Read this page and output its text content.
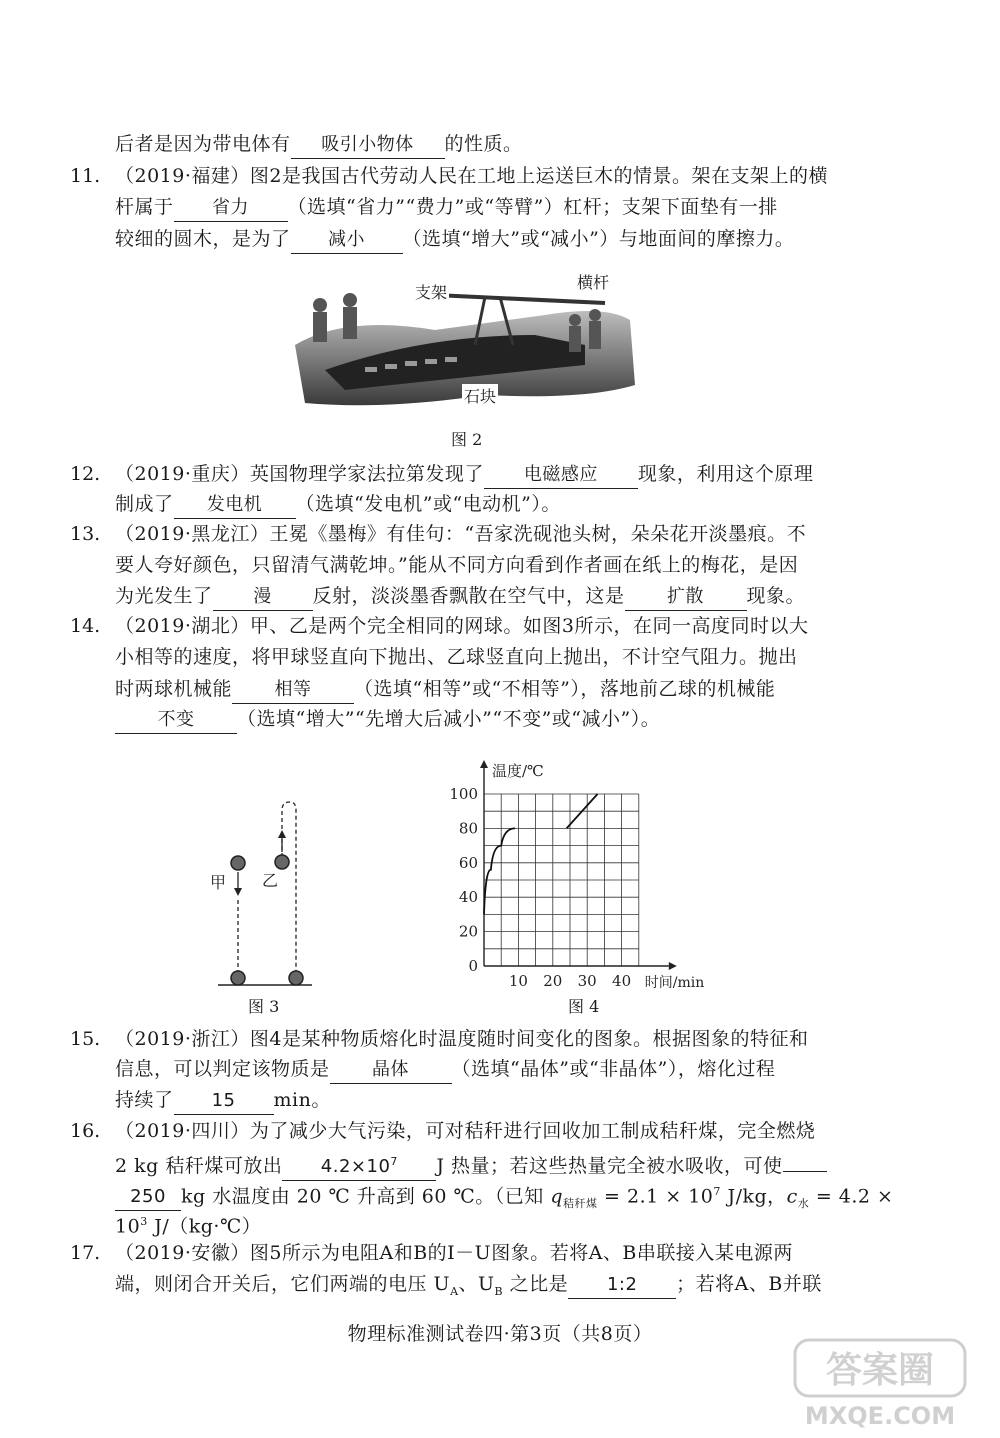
后者是因为带电体有 吸引小物体 的性质。
11. （2019·福建）图2是我国古代劳动人民在工地上运送巨木的情景。架在支架上的横
杆属于 省力 （选填“省力”“费力”或“等臂”）杠杆；支架下面垫有一排
较细的圆木，是为了 减小 （选填“增大”或“减小”）与地面间的摩擦力。
支架
横杆
石块
图 2
12. （2019·重庆）英国物理学家法拉第发现了 电磁感应 现象，利用这个原理
制成了 发电机 （选填“发电机”或“电动机”）。
13. （2019·黑龙江）王冕《墨梅》有佳句：“吾家洗砚池头树，朵朵花开淡墨痕。不
要人夸好颜色，只留清气满乾坤。”能从不同方向看到作者画在纸上的梅花，是因
为光发生了 漫 反射，淡淡墨香飘散在空气中，这是 扩散 现象。
14. （2019·湖北）甲、乙是两个完全相同的网球。如图3所示，在同一高度同时以大
小相等的速度，将甲球竖直向下抛出、乙球竖直向上抛出，不计空气阻力。抛出
时两球机械能 相等 （选填“相等”或“不相等”），落地前乙球的机械能
不变 （选填“增大”“先增大后减小”“不变”或“减小”）。
甲 乙
图 3
10 20 30 40
0
20
40
60
80
100
时间/min
温度/℃
图 4
15. （2019·浙江）图4是某种物质熔化时温度随时间变化的图象。根据图象的特征和
信息，可以判定该物质是 晶体 （选填“晶体”或“非晶体”），熔化过程
持续了 15 min。
16. （2019·四川）为了减少大气污染，可对秸秆进行回收加工制成秸秆煤，完全燃烧
2 kg 秸秆煤可放出 $4.2\times 10^7$ J 热量；若这些热量完全被水吸收，可使
250 kg 水温度由 20 ℃ 升高到 60 ℃。（已知 $q_{秸秆煤} = 2.1 \times 10^7$ J/kg，$c_水 = 4.2$ ×
$10^3$ J/（kg·℃）
17. （2019·安徽）图5所示为电阻A和B的I－U图象。若将A、B串联接入某电源两
端，则闭合开关后，它们两端的电压 $U_A$、$U_B$ 之比是 1:2 ；若将A、B并联
物理标准测试卷四·第3页（共8页）
答案圈
MXQE.COM
